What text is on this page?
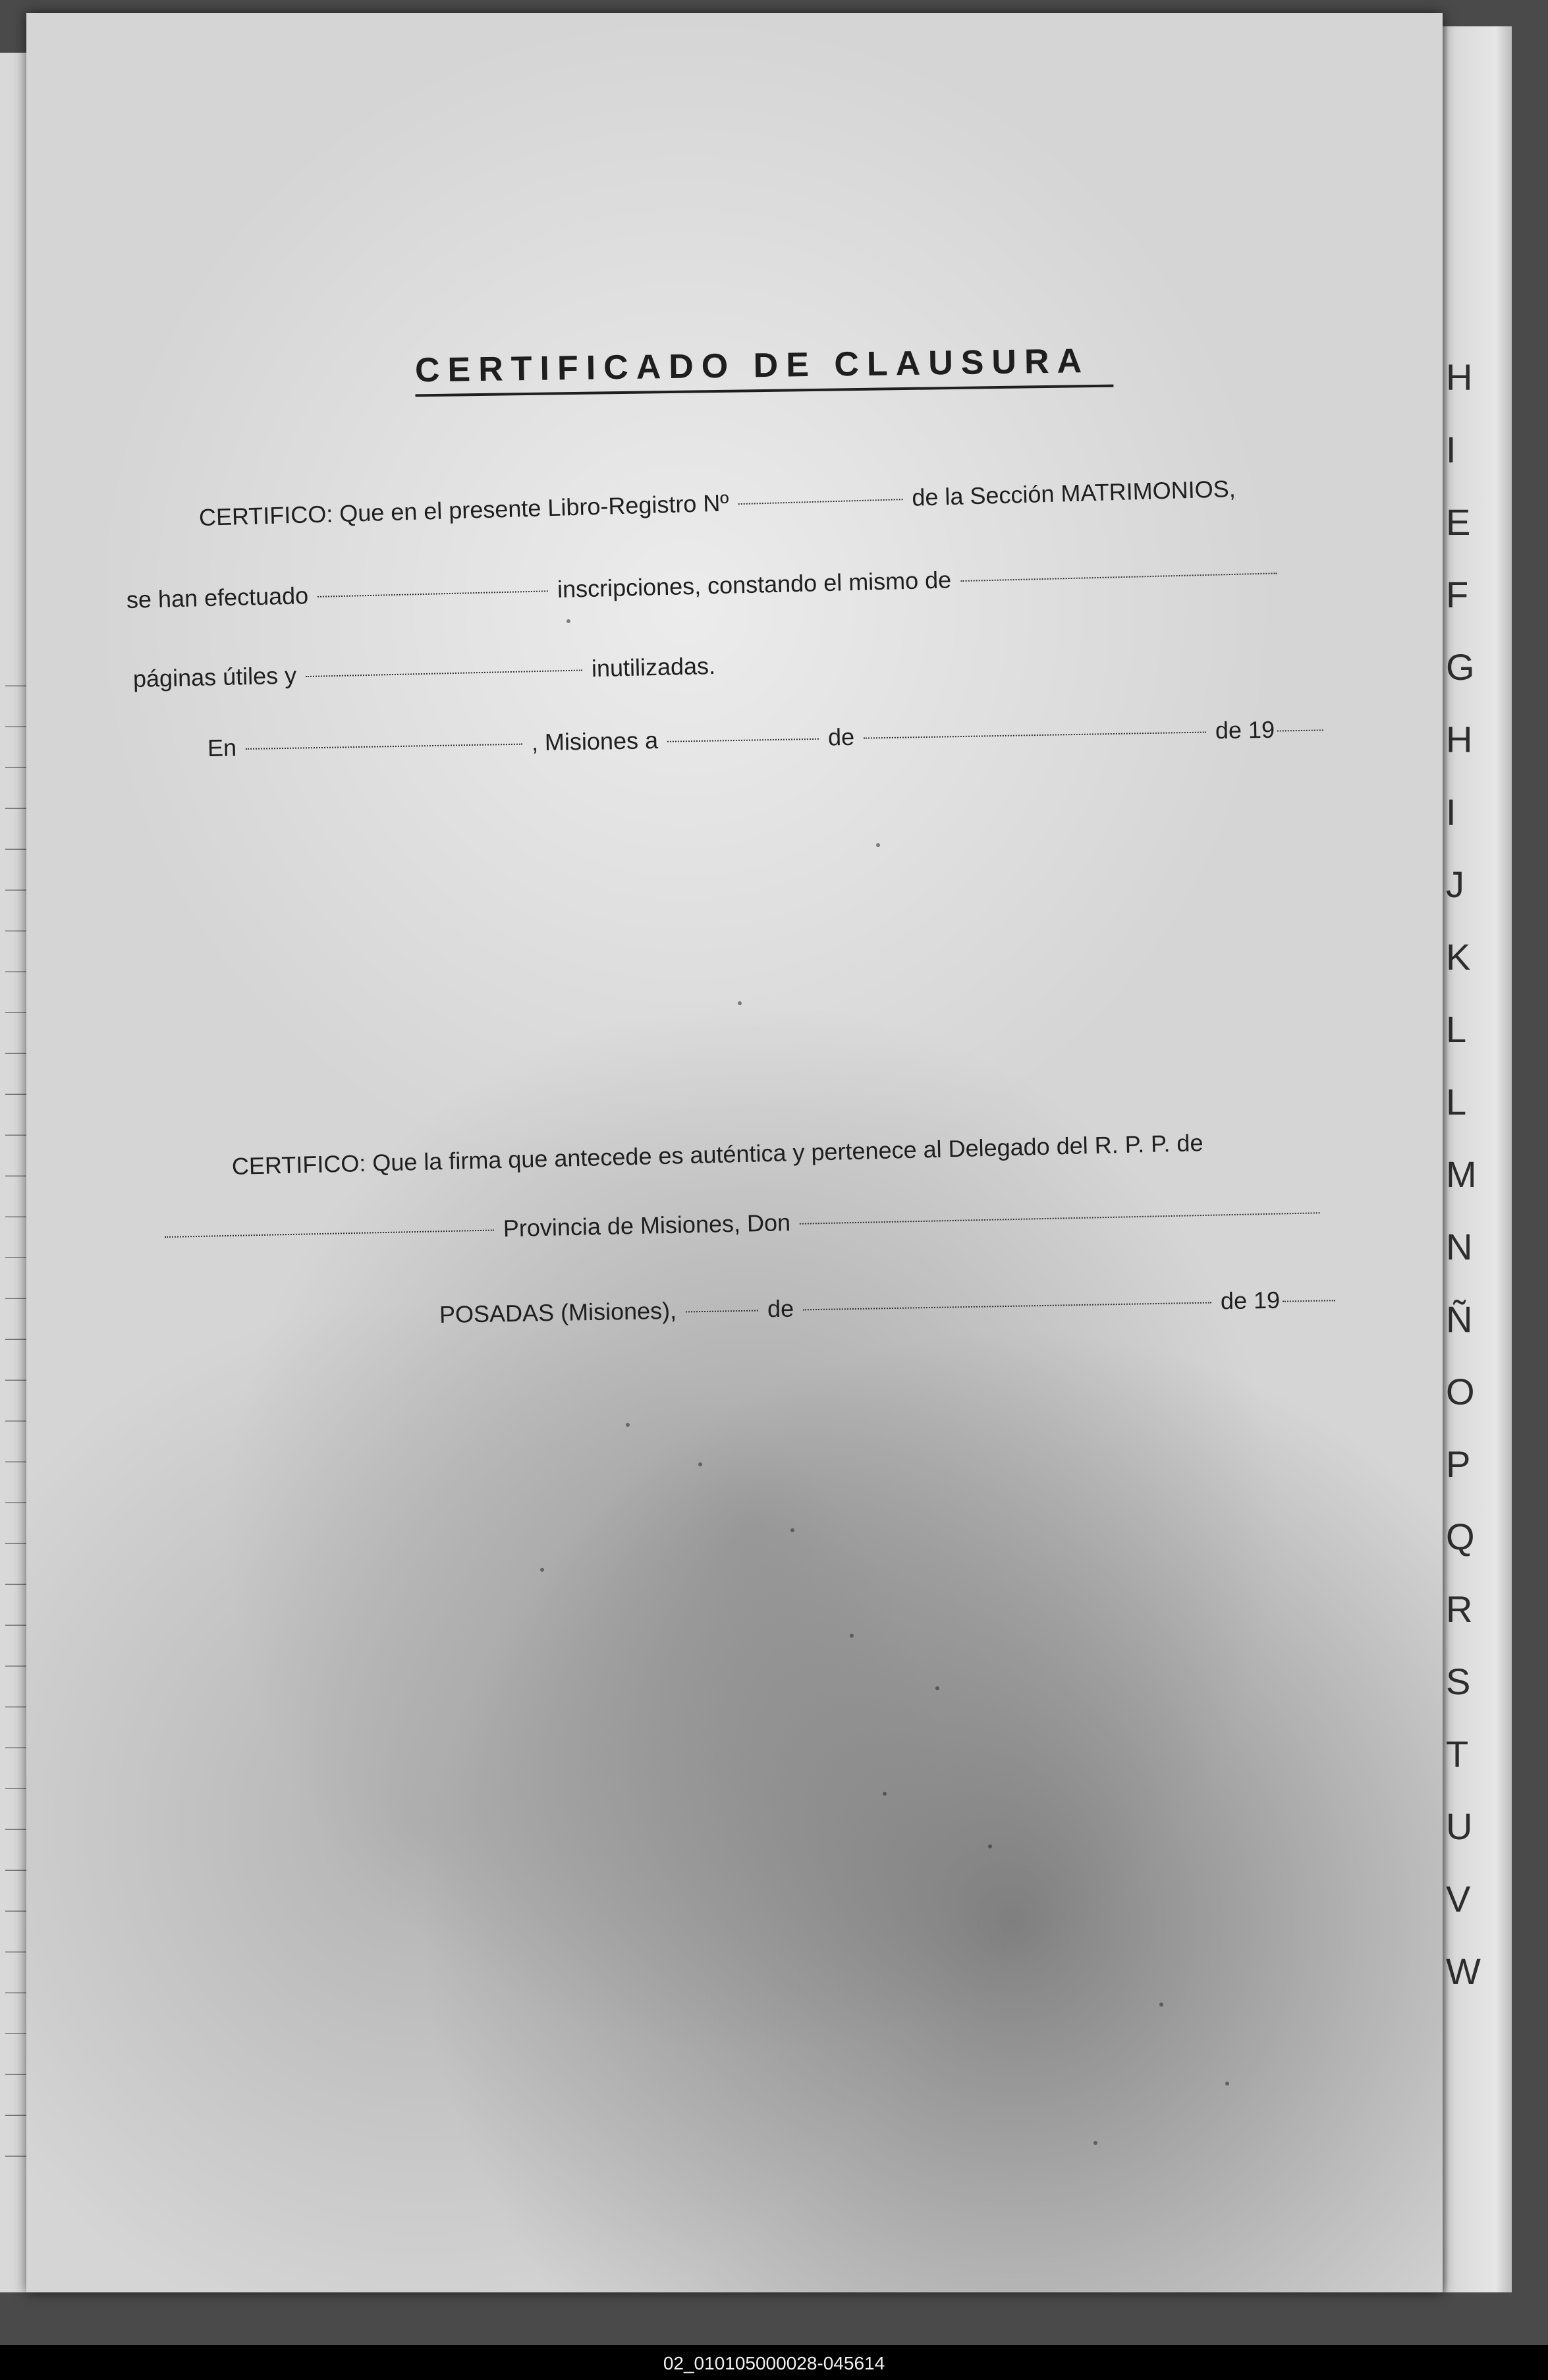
H
I
E
F
G
H
I
J
K
L
L
M
N
Ñ
O
P
Q
R
S
T
U
V
W
CERTIFICADO DE CLAUSURA
CERTIFICO: Que en el presente Libro-Registro Nº	de la Sección MATRIMONIOS,
se han efectuado	inscripciones, constando el mismo de
páginas útiles y	inutilizadas.
En	, Misiones a	de	de 19
CERTIFICO: Que la firma que antecede es auténtica y pertenece al Delegado del R. P. P. de
Provincia de Misiones, Don
POSADAS (Misiones),	de	de 19
02_010105000028-045614
